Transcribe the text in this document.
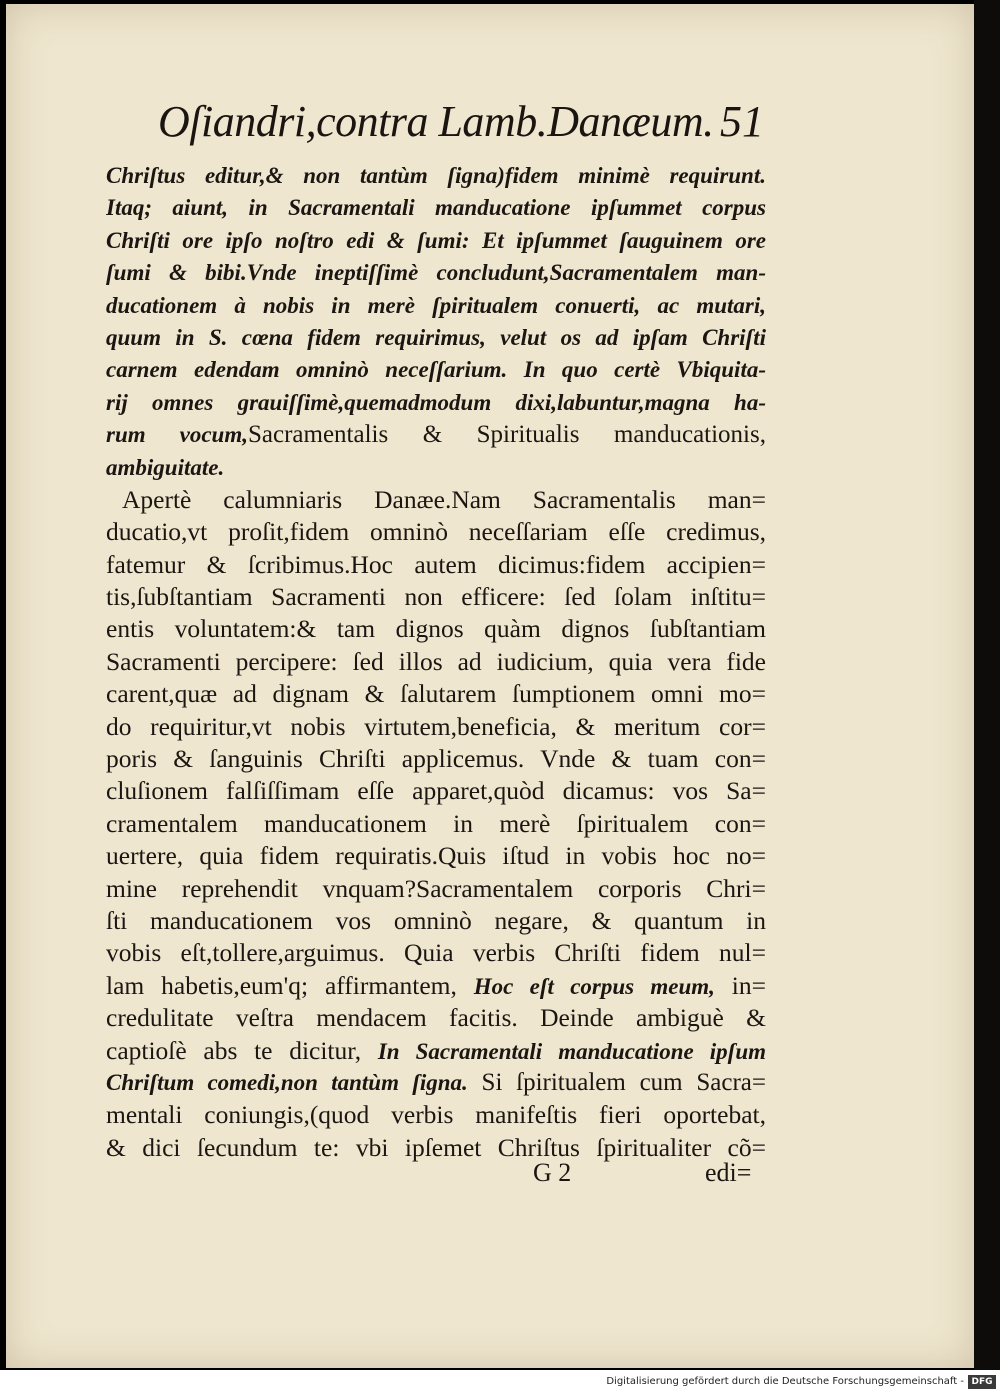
Oſiandri,contra Lamb.Danæum. 51
Chriſtus editur,& non tantùm ſigna)fidem minimè requirunt.
Itaq; aiunt, in Sacramentali manducatione ipſummet corpus
Chriſti ore ipſo noſtro edi & ſumi: Et ipſummet ſauguinem ore
ſumi & bibi.Vnde ineptiſſimè concludunt,Sacramentalem man-
ducationem à nobis in merè ſpiritualem conuerti, ac mutari,
quum in S. cœna fidem requirimus, velut os ad ipſam Chriſti
carnem edendam omninò neceſſarium. In quo certè Vbiquita-
rij omnes grauiſſimè,quemadmodum dixi,labuntur,magna ha-
rum vocum,Sacramentalis & Spiritualis manducationis,
ambiguitate.
Apertè calumniaris Danæe.Nam Sacramentalis man=
ducatio,vt proſit,fidem omninò neceſſariam eſſe credimus,
fatemur & ſcribimus.Hoc autem dicimus:fidem accipien=
tis,ſubſtantiam Sacramenti non efficere: ſed ſolam inſtitu=
entis voluntatem:& tam dignos quàm dignos ſubſtantiam
Sacramenti percipere: ſed illos ad iudicium, quia vera fide
carent,quæ ad dignam & ſalutarem ſumptionem omni mo=
do requiritur,vt nobis virtutem,beneficia, & meritum cor=
poris & ſanguinis Chriſti applicemus. Vnde & tuam con=
cluſionem falſiſſimam eſſe apparet,quòd dicamus: vos Sa=
cramentalem manducationem in merè ſpiritualem con=
uertere, quia fidem requiratis.Quis iſtud in vobis hoc no=
mine reprehendit vnquam?Sacramentalem corporis Chri=
ſti manducationem vos omninò negare, & quantum in
vobis eſt,tollere,arguimus. Quia verbis Chriſti fidem nul=
lam habetis,eum'q; affirmantem, Hoc eſt corpus meum, in=
credulitate veſtra mendacem facitis. Deinde ambiguè &
captioſè abs te dicitur, In Sacramentali manducatione ipſum
Chriſtum comedi,non tantùm ſigna. Si ſpiritualem cum Sacra=
mentali coniungis,(quod verbis manifeſtis fieri oportebat,
& dici ſecundum te: vbi ipſemet Chriſtus ſpiritualiter cõ=
G 2	edi=
Digitalisierung gefördert durch die Deutsche Forschungsgemeinschaft - DFG
